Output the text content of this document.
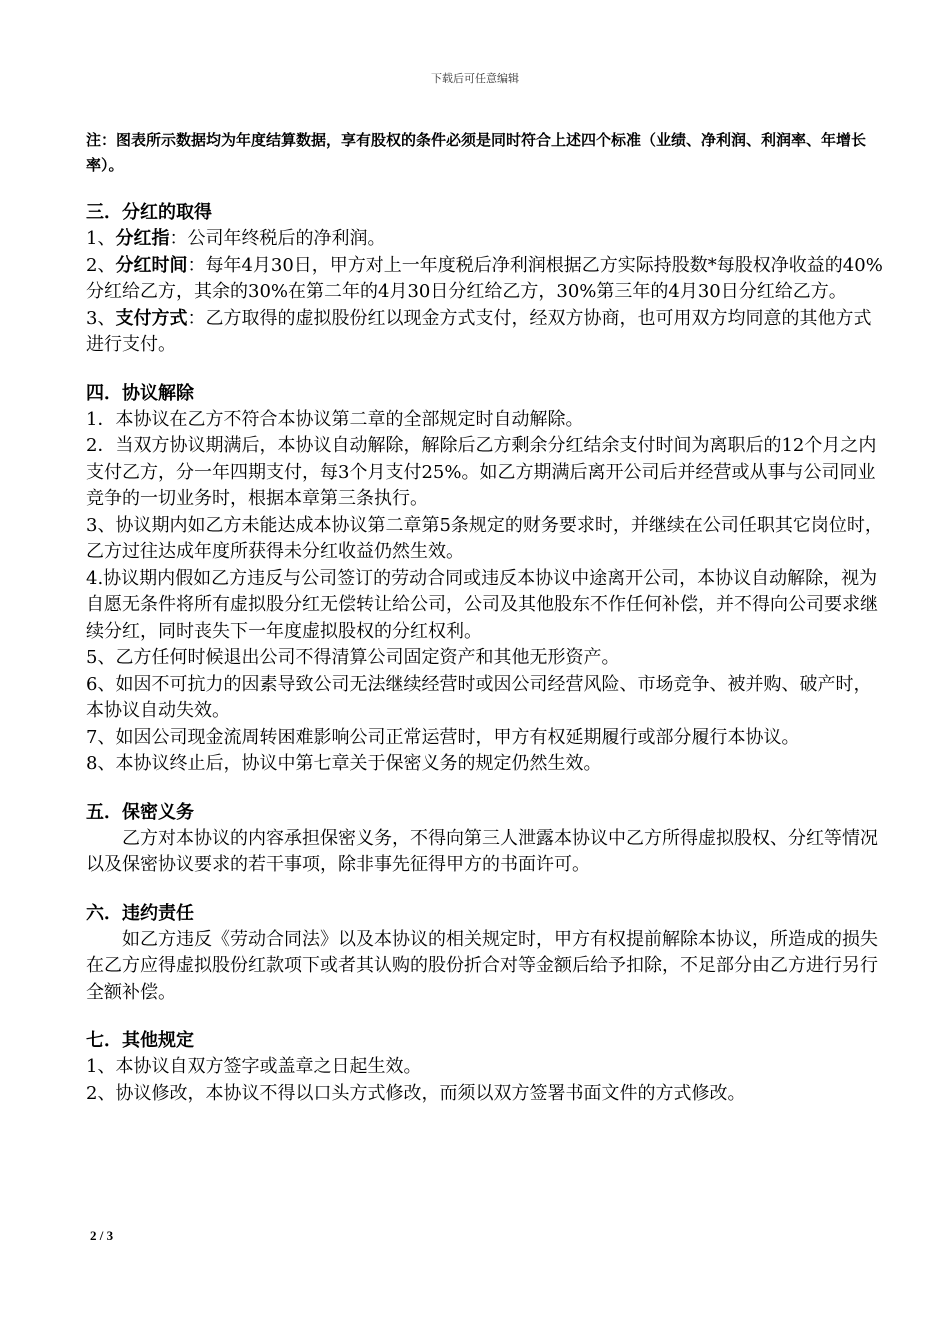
下载后可任意编辑

注：图表所示数据均为年度结算数据，享有股权的条件必须是同时符合上述四个标准（业绩、净利润、利润率、年增长率）。

三．分红的取得

1、分红指：公司年终税后的净利润。

2、分红时间：每年4月30日，甲方对上一年度税后净利润根据乙方实际持股数*每股权净收益的40%分红给乙方，其余的30%在第二年的4月30日分红给乙方，30%第三年的4月30日分红给乙方。

3、支付方式：乙方取得的虚拟股份红以现金方式支付，经双方协商，也可用双方均同意的其他方式进行支付。

四．协议解除

1．本协议在乙方不符合本协议第二章的全部规定时自动解除。

2．当双方协议期满后，本协议自动解除，解除后乙方剩余分红结余支付时间为离职后的12个月之内支付乙方，分一年四期支付，每3个月支付25%。如乙方期满后离开公司后并经营或从事与公司同业竞争的一切业务时，根据本章第三条执行。

3、协议期内如乙方未能达成本协议第二章第5条规定的财务要求时，并继续在公司任职其它岗位时，乙方过往达成年度所获得未分红收益仍然生效。

4.协议期内假如乙方违反与公司签订的劳动合同或违反本协议中途离开公司，本协议自动解除，视为自愿无条件将所有虚拟股分红无偿转让给公司，公司及其他股东不作任何补偿，并不得向公司要求继续分红，同时丧失下一年度虚拟股权的分红权利。

5、乙方任何时候退出公司不得清算公司固定资产和其他无形资产。

6、如因不可抗力的因素导致公司无法继续经营时或因公司经营风险、市场竞争、被并购、破产时，本协议自动失效。

7、如因公司现金流周转困难影响公司正常运营时，甲方有权延期履行或部分履行本协议。

8、本协议终止后，协议中第七章关于保密义务的规定仍然生效。

五．保密义务

乙方对本协议的内容承担保密义务，不得向第三人泄露本协议中乙方所得虚拟股权、分红等情况以及保密协议要求的若干事项，除非事先征得甲方的书面许可。

六．违约责任

如乙方违反《劳动合同法》以及本协议的相关规定时，甲方有权提前解除本协议，所造成的损失在乙方应得虚拟股份红款项下或者其认购的股份折合对等金额后给予扣除，不足部分由乙方进行另行全额补偿。

七．其他规定

1、本协议自双方签字或盖章之日起生效。

2、协议修改，本协议不得以口头方式修改，而须以双方签署书面文件的方式修改。

2 / 3
